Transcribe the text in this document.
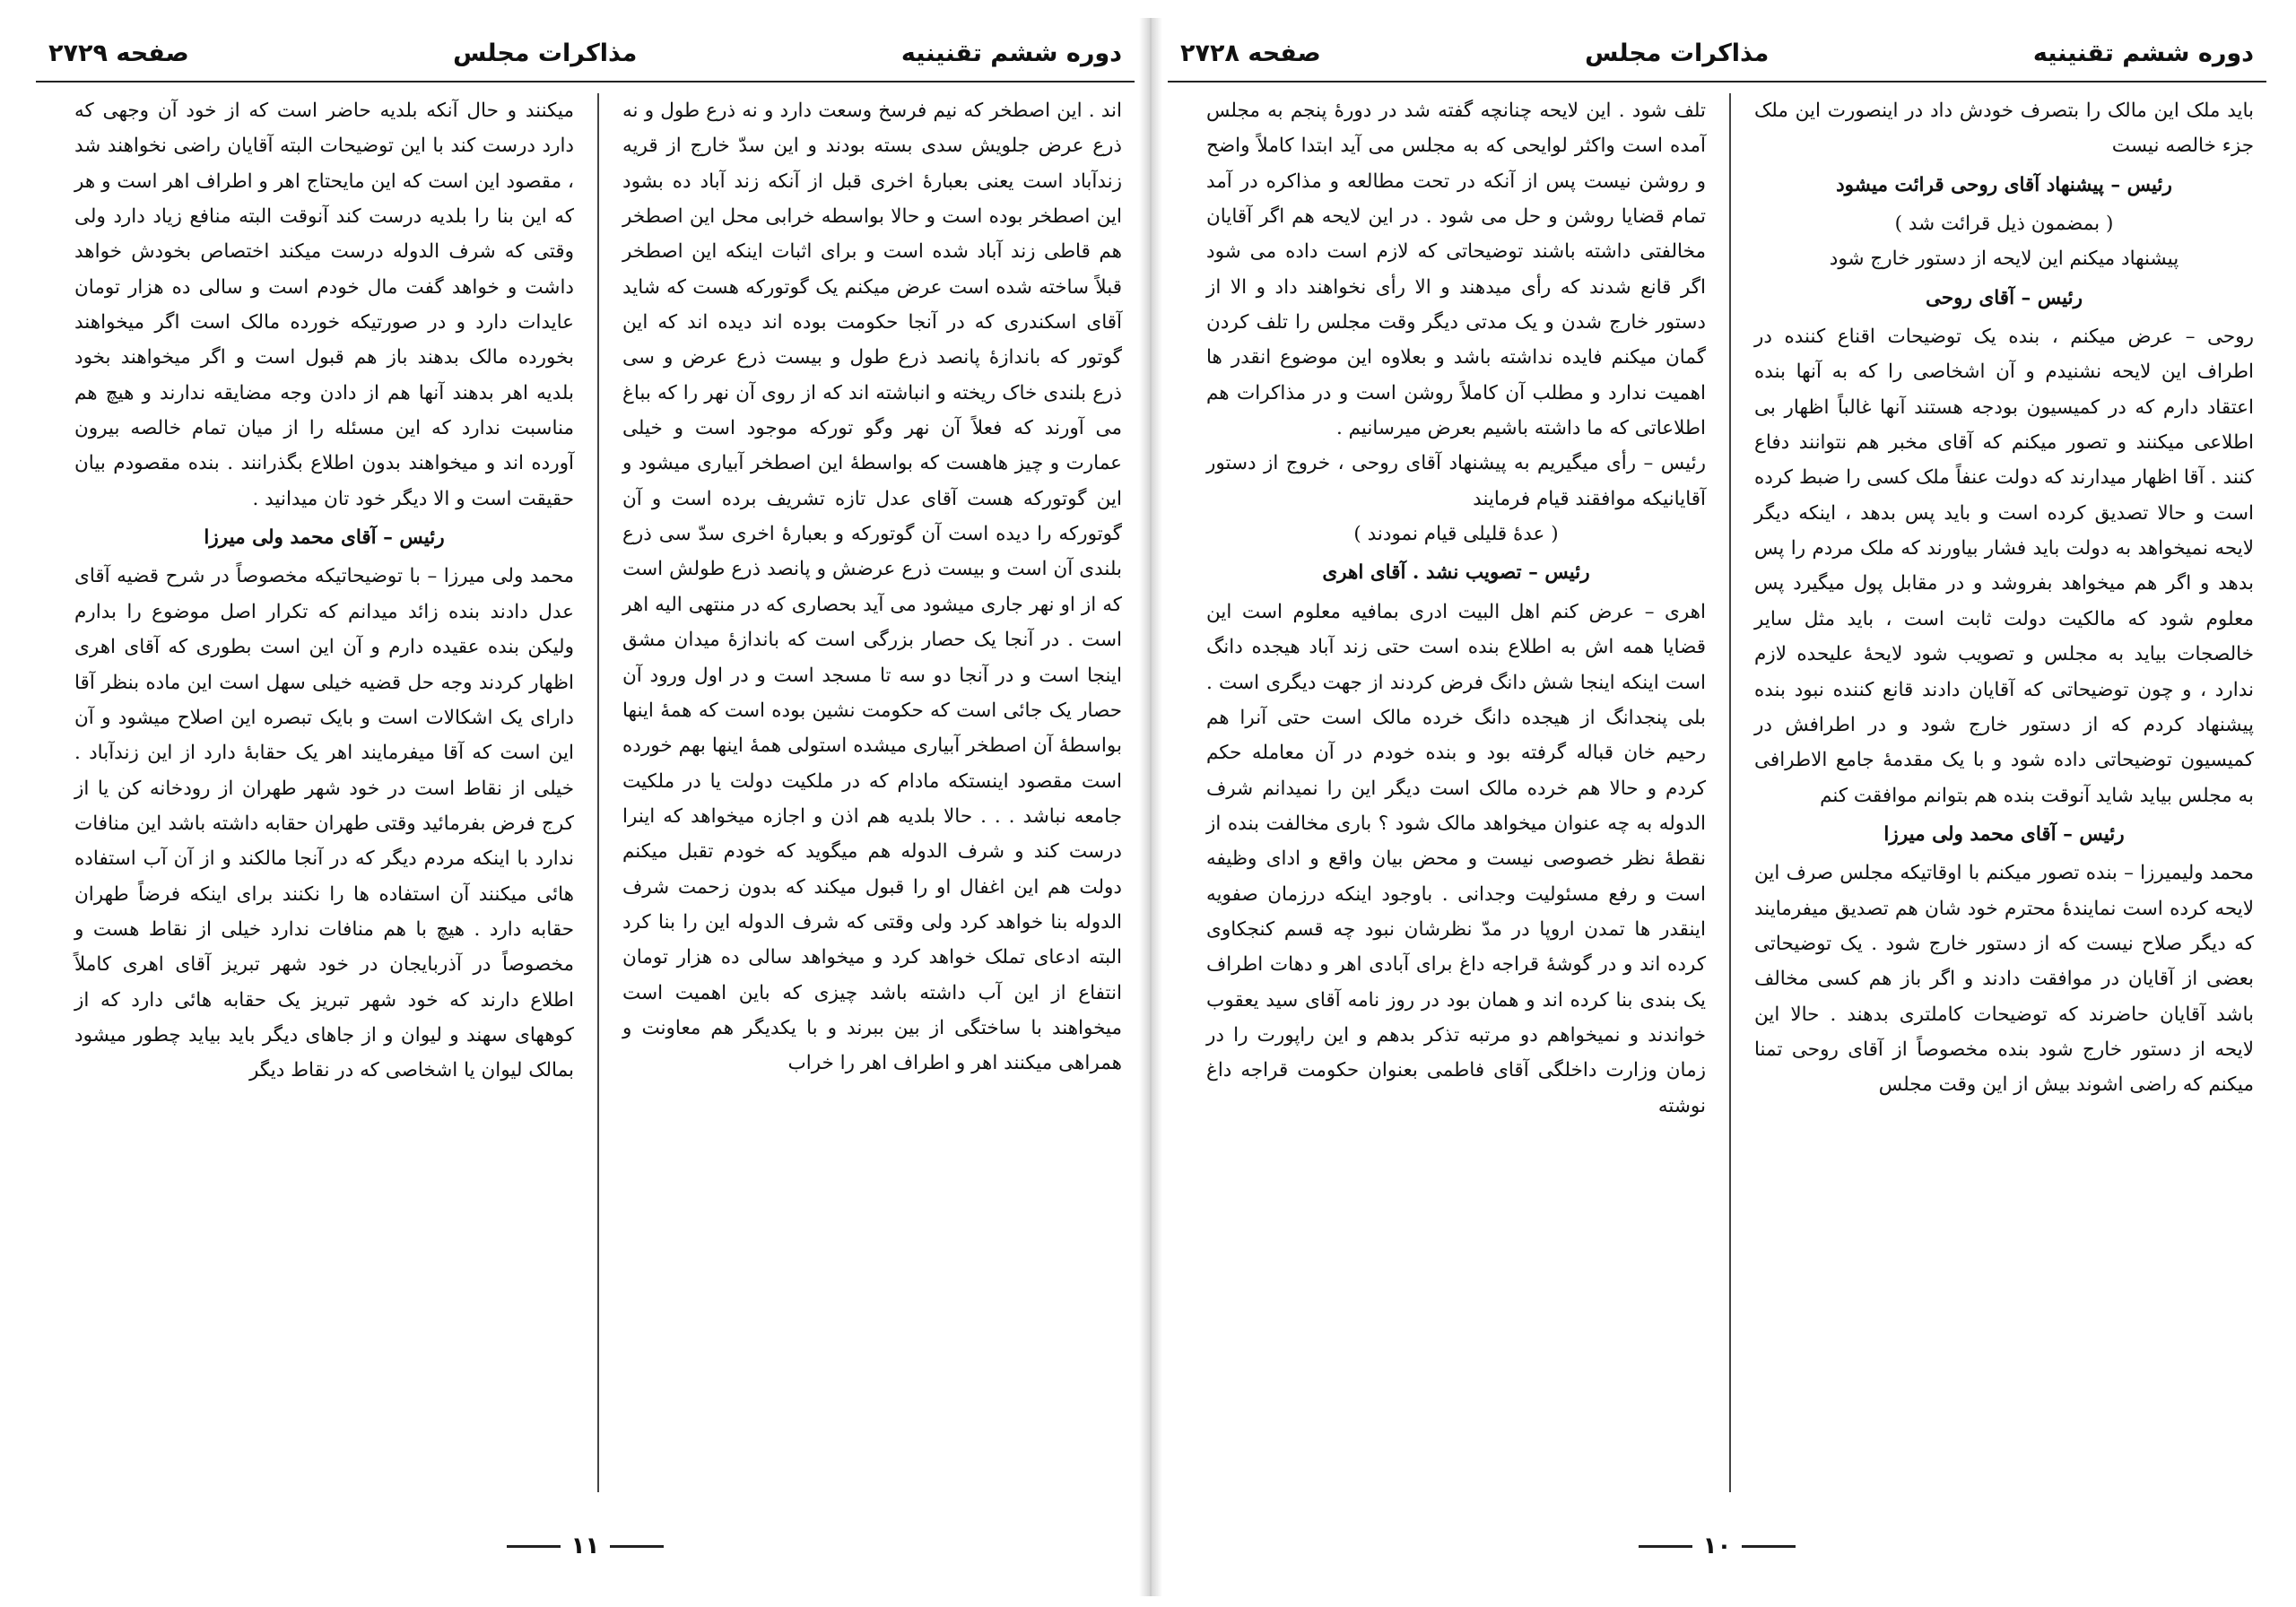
صفحه ۲۷۲۹	مذاکرات مجلس	دوره ششم تقنینیه

اند . این اصطخر که نیم فرسخ وسعت دارد و نه ذرع طول و نه ذرع عرض جلویش سدی بسته بودند و این سدّ خارج از قریه زندآباد است یعنی بعبارهٔ اخری قبل از آنکه زند آباد ده بشود این اصطخر بوده است و حالا بواسطه خرابی محل این اصطخر هم قاطی زند آباد شده است و برای اثبات اینکه این اصطخر قبلاً ساخته شده است عرض میکنم یک گوتورکه هست که شاید آقای اسکندری که در آنجا حکومت بوده اند دیده اند که این گوتور که باندازهٔ پانصد ذرع طول و بیست ذرع عرض و سی ذرع بلندی خاک ریخته و انباشته اند که از روی آن نهر را که بباغ می آورند که فعلاً آن نهر وگو تورکه موجود است و خیلی عمارت و چیز هاهست که بواسطهٔ این اصطخر آبیاری میشود و این گوتورکه هست آقای عدل تازه تشریف برده است و آن گوتورکه را دیده است آن گوتورکه و بعبارهٔ اخری سدّ سی ذرع بلندی آن است و بیست ذرع عرضش و پانصد ذرع طولش است که از او نهر جاری میشود می آید بحصاری که در منتهی الیه اهر است . در آنجا یک حصار بزرگی است که باندازهٔ میدان مشق اینجا است و در آنجا دو سه تا مسجد است و در اول ورود آن حصار یک جائی است که حکومت نشین بوده است که همهٔ اینها بواسطهٔ آن اصطخر آبیاری میشده استولی همهٔ اینها بهم خورده است مقصود اینستکه مادام که در ملکیت دولت یا در ملکیت جامعه نباشد . . . حالا بلدیه هم اذن و اجازه میخواهد که اینرا درست کند و شرف الدوله هم میگوید که خودم تقبل میکنم دولت هم این اغفال او را قبول میکند که بدون زحمت شرف الدوله بنا خواهد کرد ولی وقتی که شرف الدوله این را بنا کرد البته ادعای تملک خواهد کرد و میخواهد سالی ده هزار تومان انتفاع از این آب داشته باشد چیزی که باین اهمیت است میخواهند با ساختگی از بین ببرند و با یکدیگر هم معاونت و همراهی میکنند اهر و اطراف اهر را خراب

میکنند و حال آنکه بلدیه حاضر است که از خود آن وجهی که دارد درست کند با این توضیحات البته آقایان راضی نخواهند شد ، مقصود این است که این مایحتاج اهر و اطراف اهر است و هر که این بنا را بلدیه درست کند آنوقت البته منافع زیاد دارد ولی وقتی که شرف الدوله درست میکند اختصاص بخودش خواهد داشت و خواهد گفت مال خودم است و سالی ده هزار تومان عایدات دارد و در صورتیکه خورده مالک است اگر میخواهند بخورده مالک بدهند باز هم قبول است و اگر میخواهند بخود بلدیه اهر بدهند آنها هم از دادن وجه مضایقه ندارند و هیچ هم مناسبت ندارد که این مسئله را از میان تمام خالصه بیرون آورده اند و میخواهند بدون اطلاع بگذرانند . بنده مقصودم بیان حقیقت است و الا دیگر خود تان میدانید .

رئیس – آقای محمد ولی میرزا

محمد ولی میرزا – با توضیحاتیکه مخصوصاً در شرح قضیه آقای عدل دادند بنده زائد میدانم که تکرار اصل موضوع را بدارم ولیکن بنده عقیده دارم و آن این است بطوری که آقای اهری اظهار کردند وجه حل قضیه خیلی سهل است این ماده بنظر آقا دارای یک اشکالات است و بایک تبصره این اصلاح میشود و آن این است که آقا میفرمایند اهر یک حقابهٔ دارد از این زندآباد . خیلی از نقاط است در خود شهر طهران از رودخانه کن یا از کرج فرض بفرمائید وقتی طهران حقابه داشته باشد این منافات ندارد با اینکه مردم دیگر که در آنجا مالکند و از آن آب استفاده هائی میکنند آن استفاده ها را نکنند برای اینکه فرضاً طهران حقابه دارد . هیچ با هم منافات ندارد خیلی از نقاط هست و مخصوصاً در آذربایجان در خود شهر تبریز آقای اهری کاملاً اطلاع دارند که خود شهر تبریز یک حقابه هائی دارد که از کوههای سهند و لیوان و از جاهای دیگر باید بیاید چطور میشود بمالک لیوان یا اشخاصی که در نقاط دیگر

۱۱
صفحه ۲۷۲۸	مذاکرات مجلس	دوره ششم تقنینیه

باید ملک این مالک را بتصرف خودش داد در اینصورت این ملک جزء خالصه نیست

رئیس – پیشنهاد آقای روحی قرائت میشود

( بمضمون ذیل قرائت شد )

پیشنهاد میکنم این لایحه از دستور خارج شود

رئیس – آقای روحی

روحی – عرض میکنم ، بنده یک توضیحات اقناع کننده در اطراف این لایحه نشنیدم و آن اشخاصی را که به آنها بنده اعتقاد دارم که در کمیسیون بودجه هستند آنها غالباً اظهار بی اطلاعی میکنند و تصور میکنم که آقای مخبر هم نتوانند دفاع کنند . آقا اظهار میدارند که دولت عنفاً ملک کسی را ضبط کرده است و حالا تصدیق کرده است و باید پس بدهد ، اینکه دیگر لایحه نمیخواهد به دولت باید فشار بیاورند که ملک مردم را پس بدهد و اگر هم میخواهد بفروشد و در مقابل پول میگیرد پس معلوم شود که مالکیت دولت ثابت است ، باید مثل سایر خالصجات بیاید به مجلس و تصویب شود لایحهٔ علیحده لازم ندارد ، و چون توضیحاتی که آقایان دادند قانع کننده نبود بنده پیشنهاد کردم که از دستور خارج شود و در اطرافش در کمیسیون توضیحاتی داده شود و با یک مقدمهٔ جامع الاطرافی به مجلس بیاید شاید آنوقت بنده هم بتوانم موافقت کنم

رئیس – آقای محمد ولی میرزا

محمد ولیمیرزا – بنده تصور میکنم با اوقاتیکه مجلس صرف این لایحه کرده است نمایندهٔ محترم خود شان هم تصدیق میفرمایند که دیگر صلاح نیست که از دستور خارج شود . یک توضیحاتی بعضی از آقایان در موافقت دادند و اگر باز هم کسی مخالف باشد آقایان حاضرند که توضیحات کاملتری بدهند . حالا این لایحه از دستور خارج شود بنده مخصوصاً از آقای روحی تمنا میکنم که راضی اشوند بیش از این وقت مجلس

تلف شود . این لایحه چنانچه گفته شد در دورهٔ پنجم به مجلس آمده است واکثر لوایحی که به مجلس می آید ابتدا کاملاً واضح و روشن نیست پس از آنکه در تحت مطالعه و مذاکره در آمد تمام قضایا روشن و حل می شود . در این لایحه هم اگر آقایان مخالفتی داشته باشند توضیحاتی که لازم است داده می شود اگر قانع شدند که رأی میدهند و الا رأی نخواهند داد و الا از دستور خارج شدن و یک مدتی دیگر وقت مجلس را تلف کردن گمان میکنم فایده نداشته باشد و بعلاوه این موضوع انقدر ها اهمیت ندارد و مطلب آن کاملاً روشن است و در مذاکرات هم اطلاعاتی که ما داشته باشیم بعرض میرسانیم .

رئیس – رأی میگیریم به پیشنهاد آقای روحی ، خروج از دستور آقایانیکه موافقند قیام فرمایند

( عدهٔ قلیلی قیام نمودند )

رئیس – تصویب نشد . آقای اهری

اهری – عرض کنم اهل البیت ادری بمافیه معلوم است این قضایا همه اش به اطلاع بنده است حتی زند آباد هیجده دانگ است اینکه اینجا شش دانگ فرض کردند از جهت دیگری است . بلی پنجدانگ از هیجده دانگ خرده مالک است حتی آنرا هم رحیم خان قباله گرفته بود و بنده خودم در آن معامله حکم کردم و حالا هم خرده مالک است دیگر این را نمیدانم شرف الدوله به چه عنوان میخواهد مالک شود ؟ باری مخالفت بنده از نقطهٔ نظر خصوصی نیست و محض بیان واقع و ادای وظیفه است و رفع مسئولیت وجدانی . باوجود اینکه درزمان صفویه اینقدر ها تمدن اروپا در مدّ نظرشان نبود چه قسم کنجکاوی کرده اند و در گوشهٔ قراجه داغ برای آبادی اهر و دهات اطراف یک بندی بنا کرده اند و همان بود در روز نامه آقای سید یعقوب خواندند و نمیخواهم دو مرتبه تذکر بدهم و این راپورت را در زمان وزارت داخلگی آقای فاطمی بعنوان حکومت قراجه داغ نوشته

۱۰
